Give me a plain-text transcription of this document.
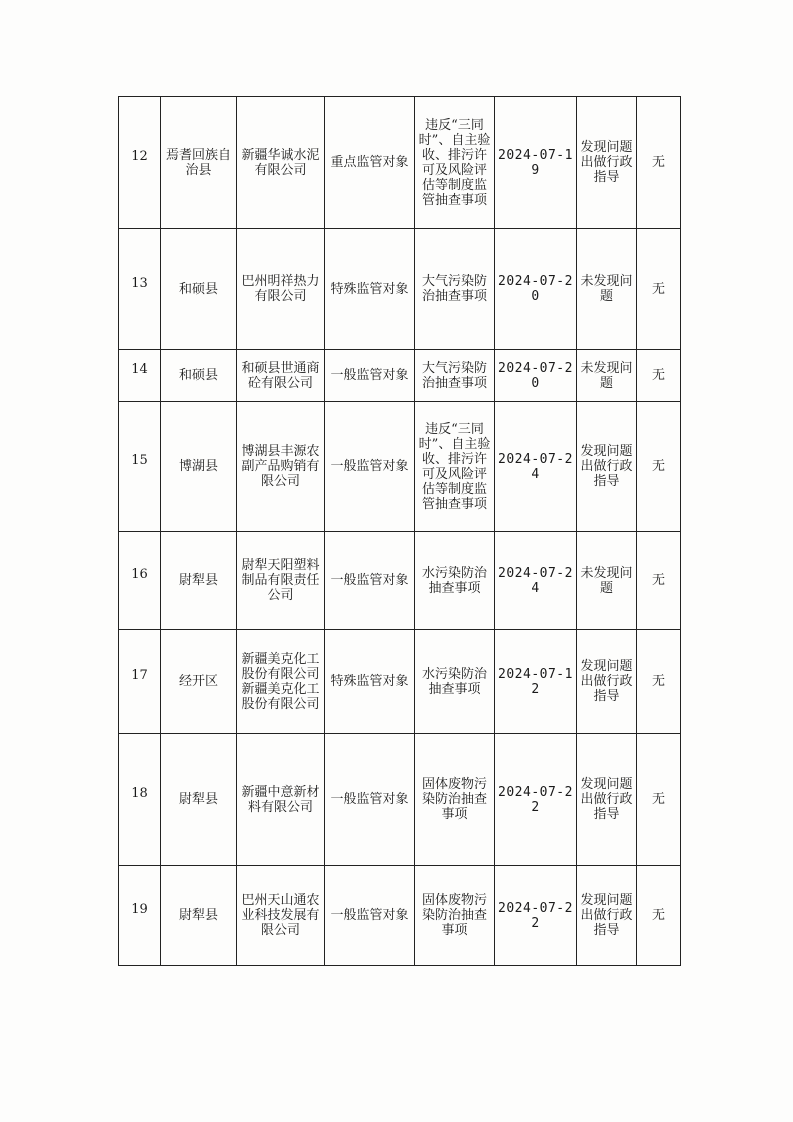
12	焉耆回族自治县	新疆华诚水泥有限公司	重点监管对象	违反“三同时”、自主验收、排污许可及风险评估等制度监管抽查事项	2024-07-19	发现问题出做行政指导	无
13	和硕县	巴州明祥热力有限公司	特殊监管对象	大气污染防治抽查事项	2024-07-20	未发现问题	无
14	和硕县	和硕县世通商砼有限公司	一般监管对象	大气污染防治抽查事项	2024-07-20	未发现问题	无
15	博湖县	博湖县丰源农副产品购销有限公司	一般监管对象	违反“三同时”、自主验收、排污许可及风险评估等制度监管抽查事项	2024-07-24	发现问题出做行政指导	无
16	尉犁县	尉犁天阳塑料制品有限责任公司	一般监管对象	水污染防治抽查事项	2024-07-24	未发现问题	无
17	经开区	新疆美克化工股份有限公司新疆美克化工股份有限公司	特殊监管对象	水污染防治抽查事项	2024-07-12	发现问题出做行政指导	无
18	尉犁县	新疆中意新材料有限公司	一般监管对象	固体废物污染防治抽查事项	2024-07-22	发现问题出做行政指导	无
19	尉犁县	巴州天山通农业科技发展有限公司	一般监管对象	固体废物污染防治抽查事项	2024-07-22	发现问题出做行政指导	无
